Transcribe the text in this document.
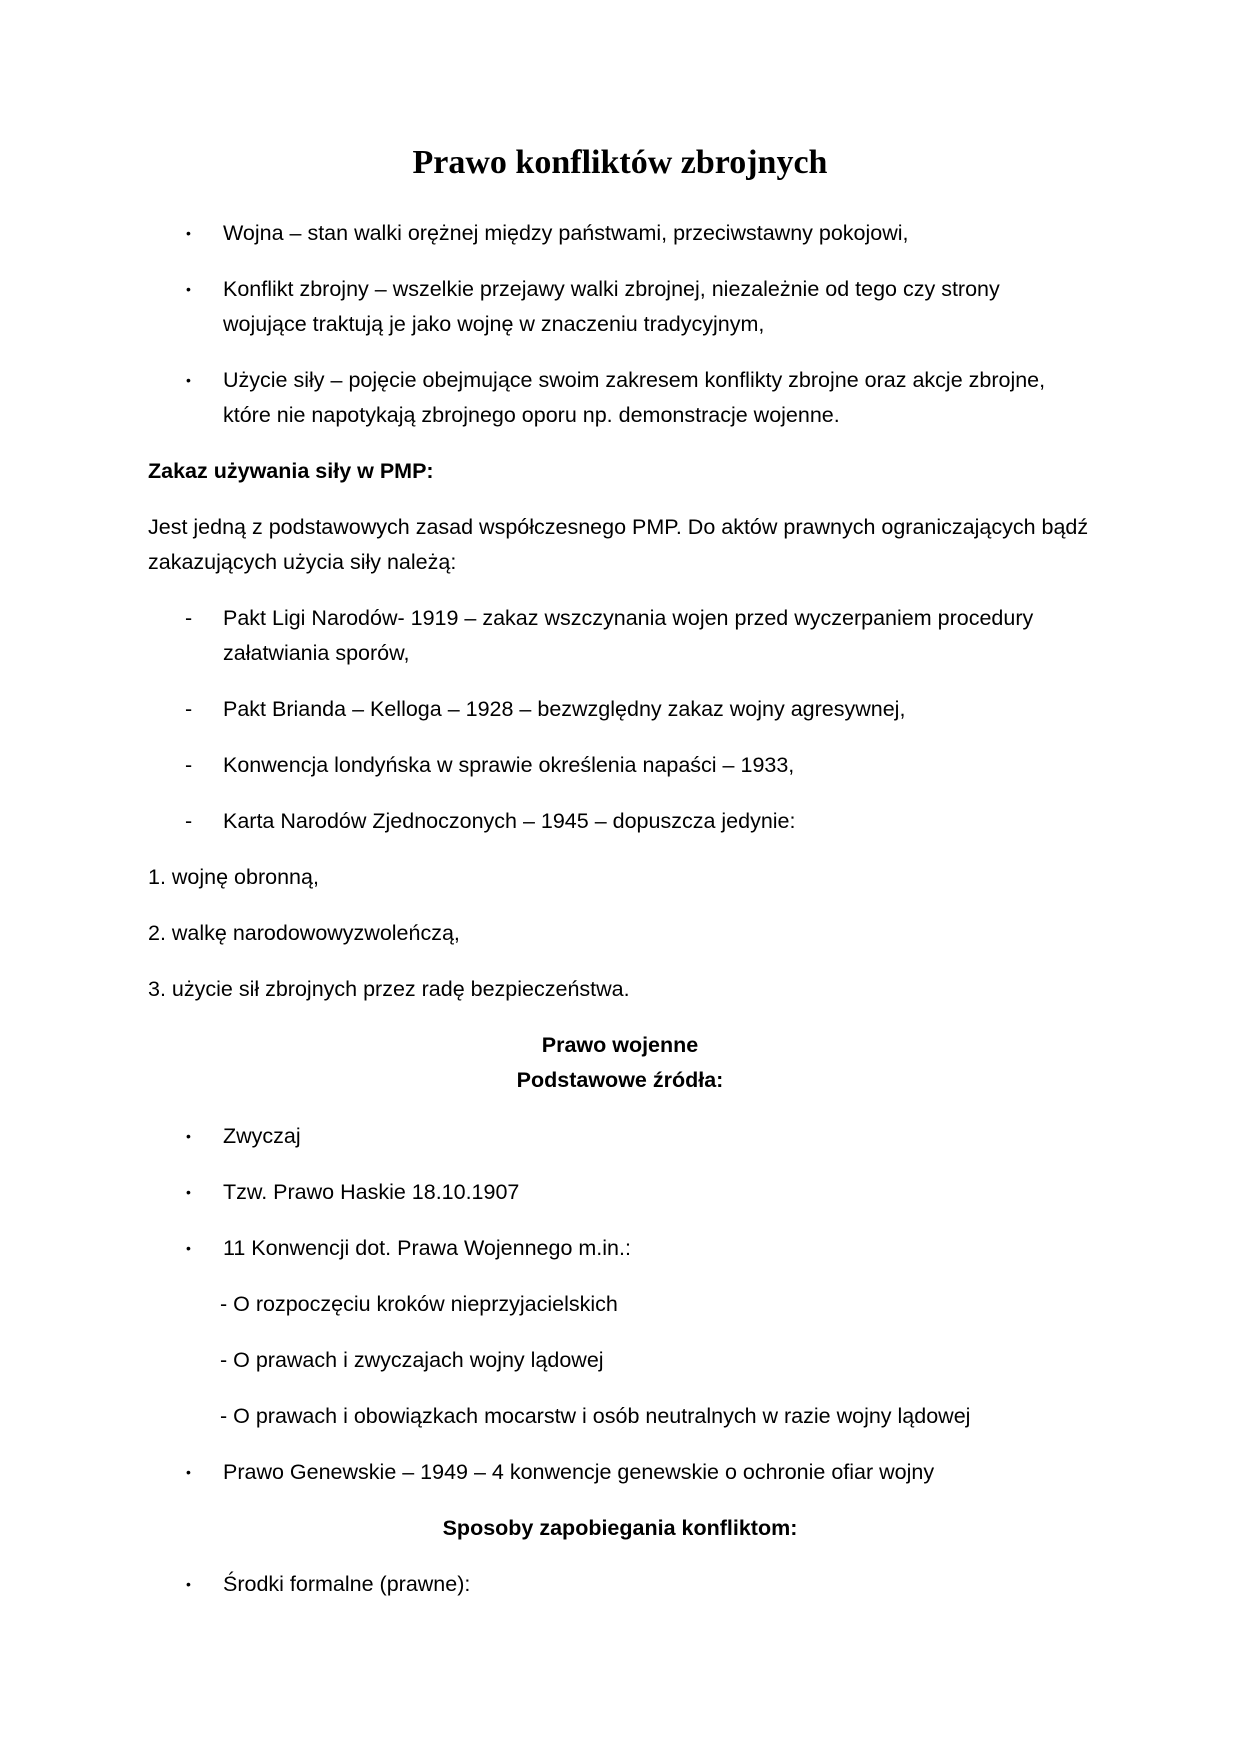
Prawo konfliktów zbrojnych
• Wojna – stan walki orężnej między państwami, przeciwstawny pokojowi,

• Konflikt zbrojny – wszelkie przejawy walki zbrojnej, niezależnie od tego czy strony wojujące traktują je jako wojnę w znaczeniu tradycyjnym,

• Użycie siły – pojęcie obejmujące swoim zakresem konflikty zbrojne oraz akcje zbrojne, które nie napotykają zbrojnego oporu np. demonstracje wojenne.

Zakaz używania siły w PMP:

Jest jedną z podstawowych zasad współczesnego PMP. Do aktów prawnych ograniczających bądź zakazujących użycia siły należą:

- Pakt Ligi Narodów- 1919 – zakaz wszczynania wojen przed wyczerpaniem procedury załatwiania sporów,

- Pakt Brianda – Kelloga – 1928 – bezwzględny zakaz wojny agresywnej,

- Konwencja londyńska w sprawie określenia napaści – 1933,

- Karta Narodów Zjednoczonych – 1945 – dopuszcza jedynie:

1. wojnę obronną,

2. walkę narodowowyzwoleńczą,

3. użycie sił zbrojnych przez radę bezpieczeństwa.

Prawo wojenne

Podstawowe źródła:

• Zwyczaj

• Tzw. Prawo Haskie 18.10.1907

• 11 Konwencji dot. Prawa Wojennego m.in.:

- O rozpoczęciu kroków nieprzyjacielskich

- O prawach i zwyczajach wojny lądowej

- O prawach i obowiązkach mocarstw i osób neutralnych w razie wojny lądowej

• Prawo Genewskie – 1949 – 4 konwencje genewskie o ochronie ofiar wojny

Sposoby zapobiegania konfliktom:

• Środki formalne (prawne):
